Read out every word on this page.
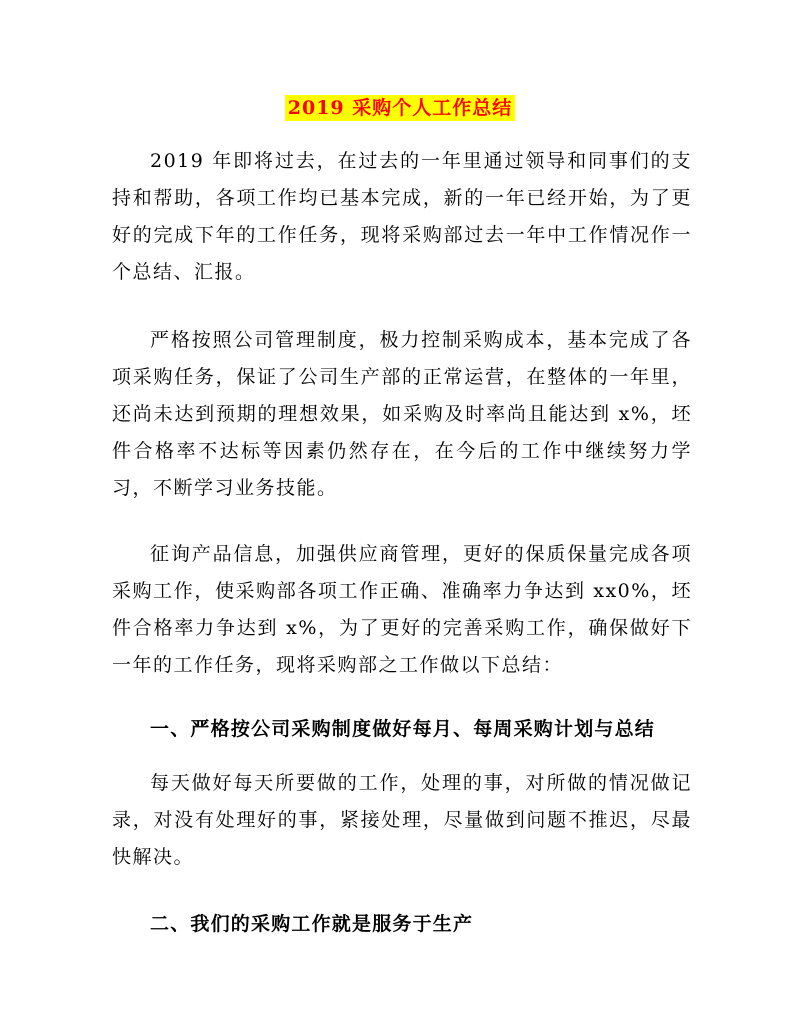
2019 采购个人工作总结

2019 年即将过去，在过去的一年里通过领导和同事们的支持和帮助，各项工作均已基本完成，新的一年已经开始，为了更好的完成下年的工作任务，现将采购部过去一年中工作情况作一个总结、汇报。

严格按照公司管理制度，极力控制采购成本，基本完成了各项采购任务，保证了公司生产部的正常运营，在整体的一年里，还尚未达到预期的理想效果，如采购及时率尚且能达到 x%，坯件合格率不达标等因素仍然存在，在今后的工作中继续努力学习，不断学习业务技能。

征询产品信息，加强供应商管理，更好的保质保量完成各项采购工作，使采购部各项工作正确、准确率力争达到 xx0%，坯件合格率力争达到 x%，为了更好的完善采购工作，确保做好下一年的工作任务，现将采购部之工作做以下总结：

一、严格按公司采购制度做好每月、每周采购计划与总结

每天做好每天所要做的工作，处理的事，对所做的情况做记录，对没有处理好的事，紧接处理，尽量做到问题不推迟，尽最快解决。

二、我们的采购工作就是服务于生产
